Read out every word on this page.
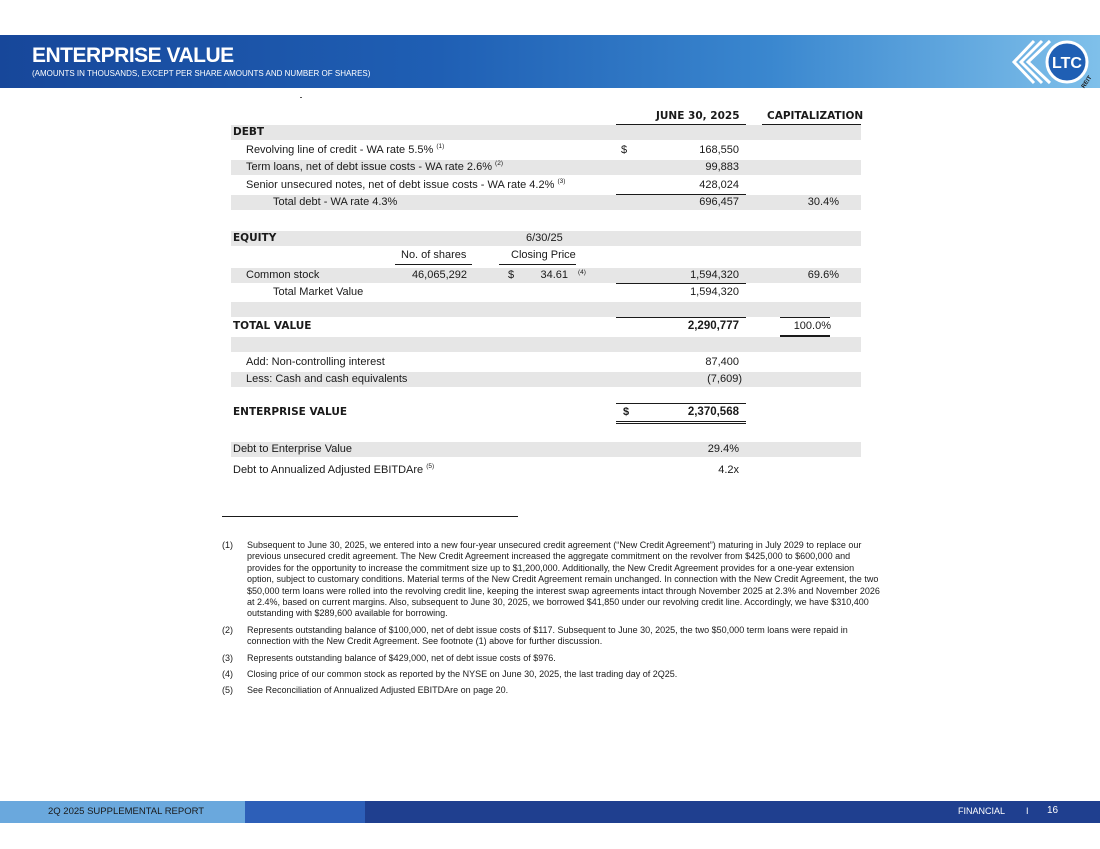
ENTERPRISE VALUE
(AMOUNTS IN THOUSANDS, EXCEPT PER SHARE AMOUNTS AND NUMBER OF SHARES)
LTC
REIT
JUNE 30, 2025	CAPITALIZATION
DEBT
Revolving line of credit - WA rate 5.5% $^{(1)}$	$	168,550
Term loans, net of debt issue costs - WA rate 2.6% $^{(2)}$	99,883
Senior unsecured notes, net of debt issue costs - WA rate 4.2% $^{(3)}$	428,024
Total debt - WA rate 4.3%	696,457	30.4%
EQUITY	6/30/25
No. of shares	Closing Price
Common stock	46,065,292	$ 34.61 (4)	1,594,320	69.6%
Total Market Value	1,594,320
TOTAL VALUE	2,290,777	100.0%
Add: Non-controlling interest	87,400
Less: Cash and cash equivalents	(7,609)
ENTERPRISE VALUE	$	2,370,568
Debt to Enterprise Value	29.4%
Debt to Annualized Adjusted EBITDAre $^{(5)}$	4.2x
(1)	Subsequent to June 30, 2025, we entered into a new four-year unsecured credit agreement (“New Credit Agreement”) maturing in July 2029 to replace our previous unsecured credit agreement. The New Credit Agreement increased the aggregate commitment on the revolver from $425,000 to $600,000 and provides for the opportunity to increase the commitment size up to $1,200,000. Additionally, the New Credit Agreement provides for a one-year extension option, subject to customary conditions. Material terms of the New Credit Agreement remain unchanged. In connection with the New Credit Agreement, the two $50,000 term loans were rolled into the revolving credit line, keeping the interest swap agreements intact through November 2025 at 2.3% and November 2026 at 2.4%, based on current margins. Also, subsequent to June 30, 2025, we borrowed $41,850 under our revolving credit line. Accordingly, we have $310,400 outstanding with $289,600 available for borrowing.
(2)	Represents outstanding balance of $100,000, net of debt issue costs of $117. Subsequent to June 30, 2025, the two $50,000 term loans were repaid in connection with the New Credit Agreement. See footnote (1) above for further discussion.
(3)	Represents outstanding balance of $429,000, net of debt issue costs of $976.
(4)	Closing price of our common stock as reported by the NYSE on June 30, 2025, the last trading day of 2Q25.
(5)	See Reconciliation of Annualized Adjusted EBITDAre on page 20.
2Q 2025 SUPPLEMENTAL REPORT	FINANCIAL I 16
